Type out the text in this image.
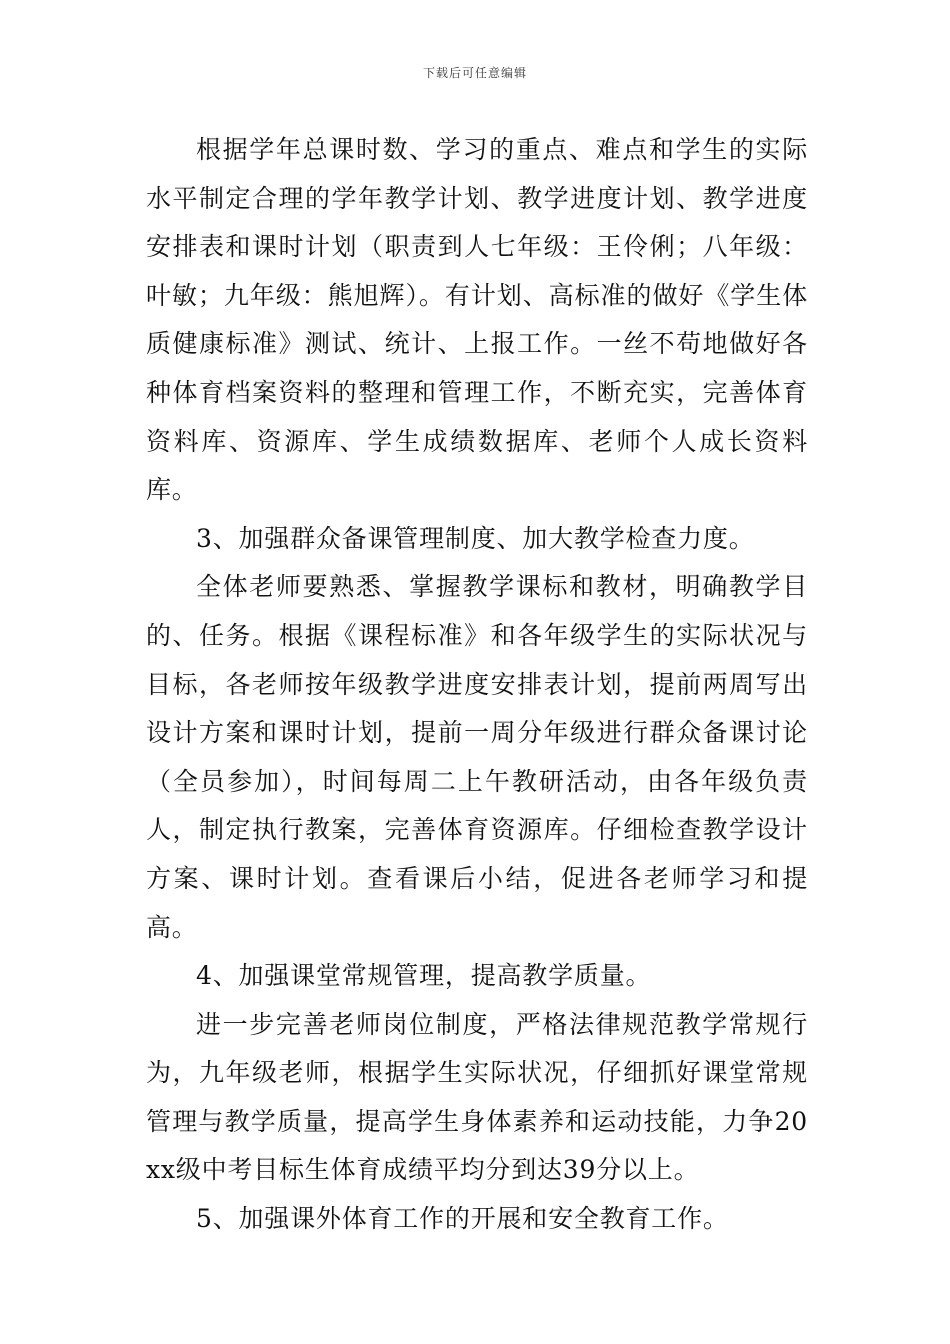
下载后可任意编辑

根据学年总课时数、学习的重点、难点和学生的实际水平制定合理的学年教学计划、教学进度计划、教学进度安排表和课时计划（职责到人七年级：王伶俐；八年级：叶敏；九年级：熊旭辉）。有计划、高标准的做好《学生体质健康标准》测试、统计、上报工作。一丝不苟地做好各种体育档案资料的整理和管理工作，不断充实，完善体育资料库、资源库、学生成绩数据库、老师个人成长资料库。

3、加强群众备课管理制度、加大教学检查力度。

全体老师要熟悉、掌握教学课标和教材，明确教学目的、任务。根据《课程标准》和各年级学生的实际状况与目标，各老师按年级教学进度安排表计划，提前两周写出设计方案和课时计划，提前一周分年级进行群众备课讨论（全员参加），时间每周二上午教研活动，由各年级负责人，制定执行教案，完善体育资源库。仔细检查教学设计方案、课时计划。查看课后小结，促进各老师学习和提高。

4、加强课堂常规管理，提高教学质量。

进一步完善老师岗位制度，严格法律规范教学常规行为，九年级老师，根据学生实际状况，仔细抓好课堂常规管理与教学质量，提高学生身体素养和运动技能，力争20xx级中考目标生体育成绩平均分到达39分以上。

5、加强课外体育工作的开展和安全教育工作。
